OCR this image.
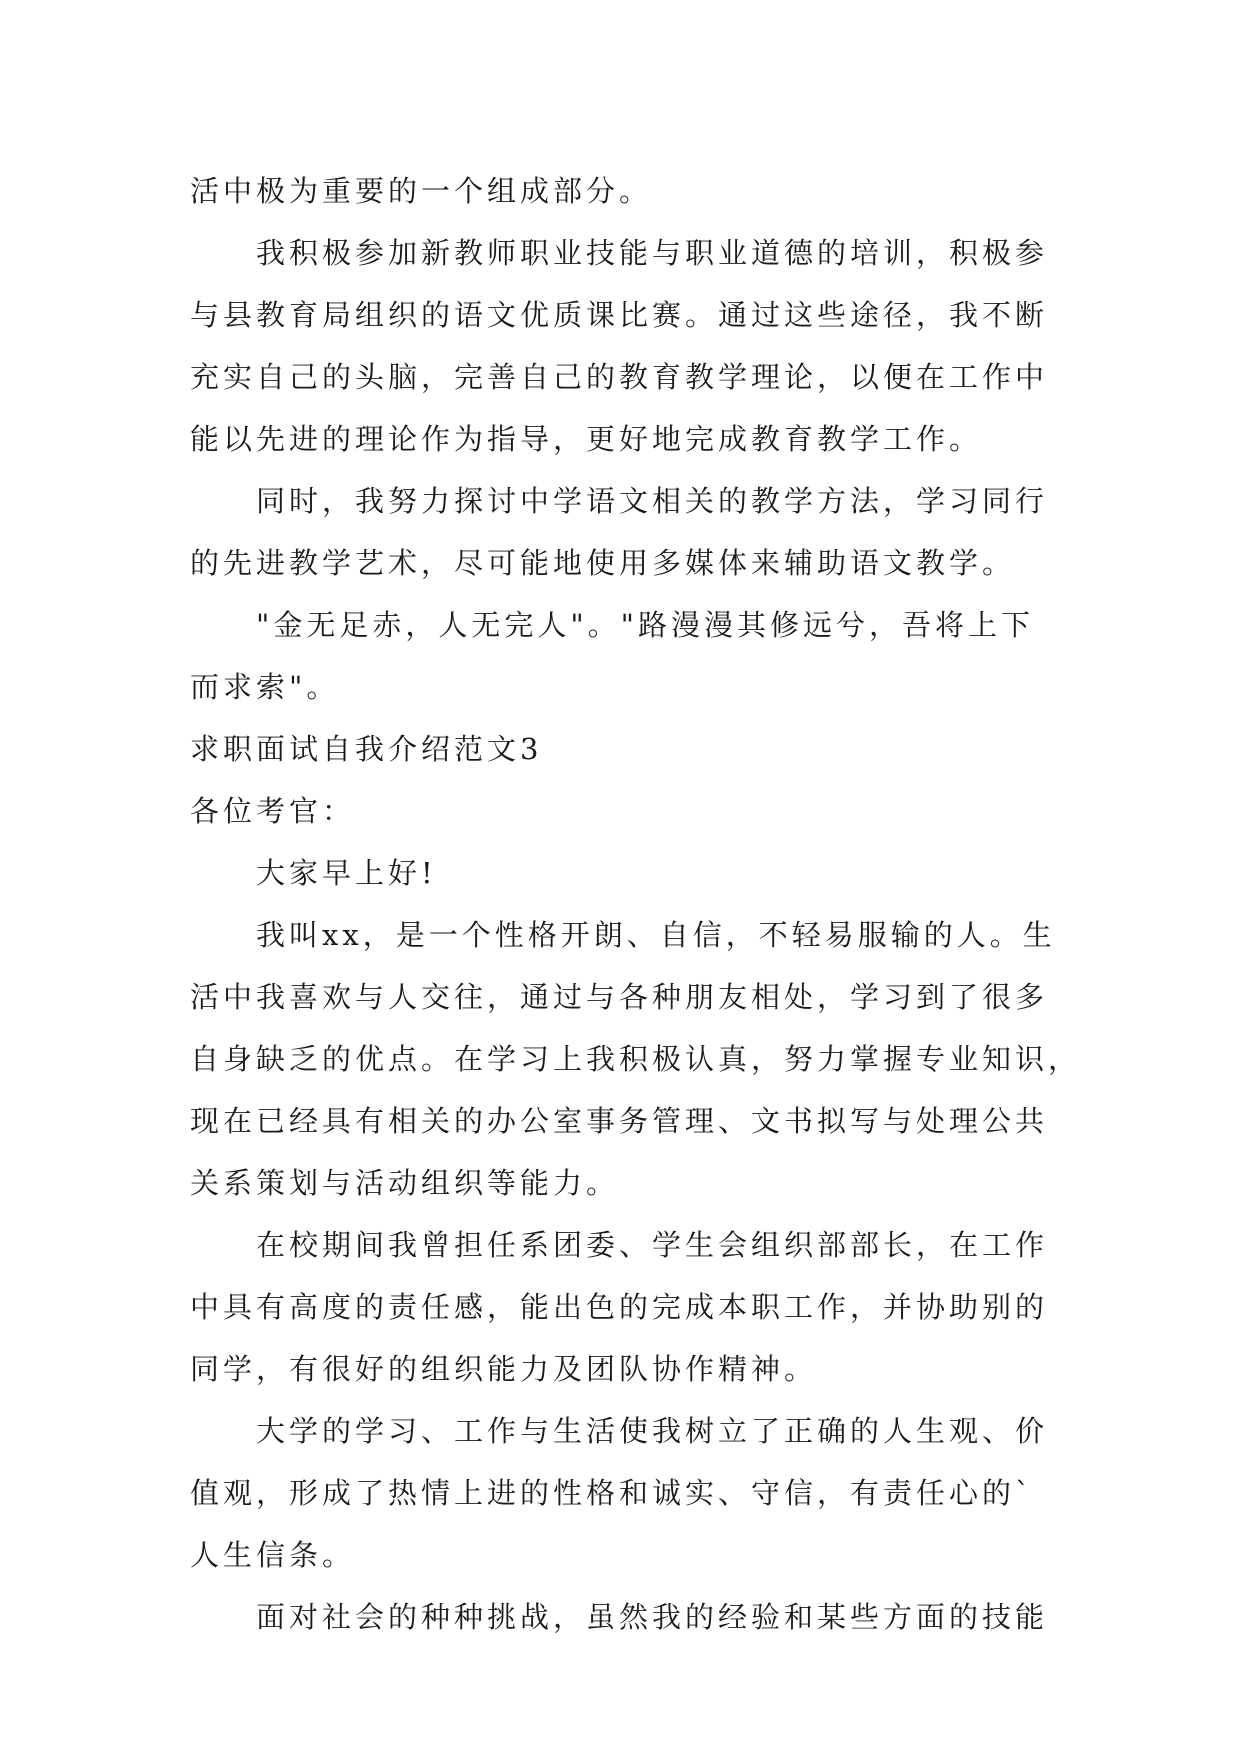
活中极为重要的一个组成部分。
我积极参加新教师职业技能与职业道德的培训，积极参
与县教育局组织的语文优质课比赛。通过这些途径，我不断
充实自己的头脑，完善自己的教育教学理论，以便在工作中
能以先进的理论作为指导，更好地完成教育教学工作。
同时，我努力探讨中学语文相关的教学方法，学习同行
的先进教学艺术，尽可能地使用多媒体来辅助语文教学。
"金无足赤，人无完人"。"路漫漫其修远兮，吾将上下
而求索"。
求职面试自我介绍范文3
各位考官：
大家早上好!
我叫xx，是一个性格开朗、自信，不轻易服输的人。生
活中我喜欢与人交往，通过与各种朋友相处，学习到了很多
自身缺乏的优点。在学习上我积极认真，努力掌握专业知识，
现在已经具有相关的办公室事务管理、文书拟写与处理公共
关系策划与活动组织等能力。
在校期间我曾担任系团委、学生会组织部部长，在工作
中具有高度的责任感，能出色的完成本职工作，并协助别的
同学，有很好的组织能力及团队协作精神。
大学的学习、工作与生活使我树立了正确的人生观、价
值观，形成了热情上进的性格和诚实、守信，有责任心的`
人生信条。
面对社会的种种挑战，虽然我的经验和某些方面的技能
